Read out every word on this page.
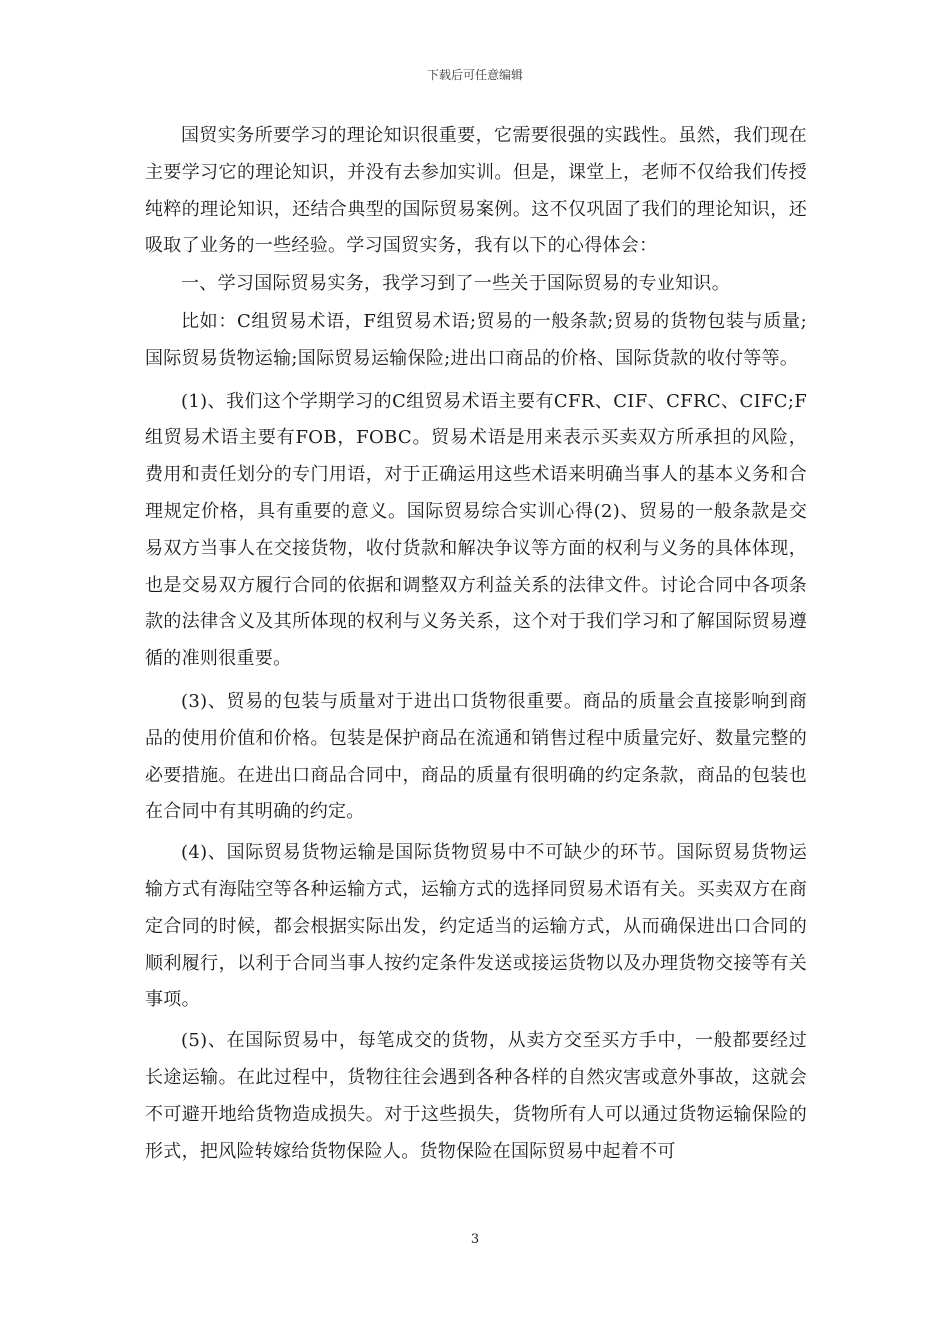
下载后可任意编辑

国贸实务所要学习的理论知识很重要，它需要很强的实践性。虽然，我们现在主要学习它的理论知识，并没有去参加实训。但是，课堂上，老师不仅给我们传授纯粹的理论知识，还结合典型的国际贸易案例。这不仅巩固了我们的理论知识，还吸取了业务的一些经验。学习国贸实务，我有以下的心得体会：

一、学习国际贸易实务，我学习到了一些关于国际贸易的专业知识。

比如：C组贸易术语，F组贸易术语;贸易的一般条款;贸易的货物包装与质量;国际贸易货物运输;国际贸易运输保险;进出口商品的价格、国际货款的收付等等。

(1)、我们这个学期学习的C组贸易术语主要有CFR、CIF、CFRC、CIFC;F组贸易术语主要有FOB，FOBC。贸易术语是用来表示买卖双方所承担的风险，费用和责任划分的专门用语，对于正确运用这些术语来明确当事人的基本义务和合理规定价格，具有重要的意义。国际贸易综合实训心得(2)、贸易的一般条款是交易双方当事人在交接货物，收付货款和解决争议等方面的权利与义务的具体体现，也是交易双方履行合同的依据和调整双方利益关系的法律文件。讨论合同中各项条款的法律含义及其所体现的权利与义务关系，这个对于我们学习和了解国际贸易遵循的准则很重要。

(3)、贸易的包装与质量对于进出口货物很重要。商品的质量会直接影响到商品的使用价值和价格。包装是保护商品在流通和销售过程中质量完好、数量完整的必要措施。在进出口商品合同中，商品的质量有很明确的约定条款，商品的包装也在合同中有其明确的约定。

(4)、国际贸易货物运输是国际货物贸易中不可缺少的环节。国际贸易货物运输方式有海陆空等各种运输方式，运输方式的选择同贸易术语有关。买卖双方在商定合同的时候，都会根据实际出发，约定适当的运输方式，从而确保进出口合同的顺利履行，以利于合同当事人按约定条件发送或接运货物以及办理货物交接等有关事项。

(5)、在国际贸易中，每笔成交的货物，从卖方交至买方手中，一般都要经过长途运输。在此过程中，货物往往会遇到各种各样的自然灾害或意外事故，这就会不可避开地给货物造成损失。对于这些损失，货物所有人可以通过货物运输保险的形式，把风险转嫁给货物保险人。货物保险在国际贸易中起着不可

3
